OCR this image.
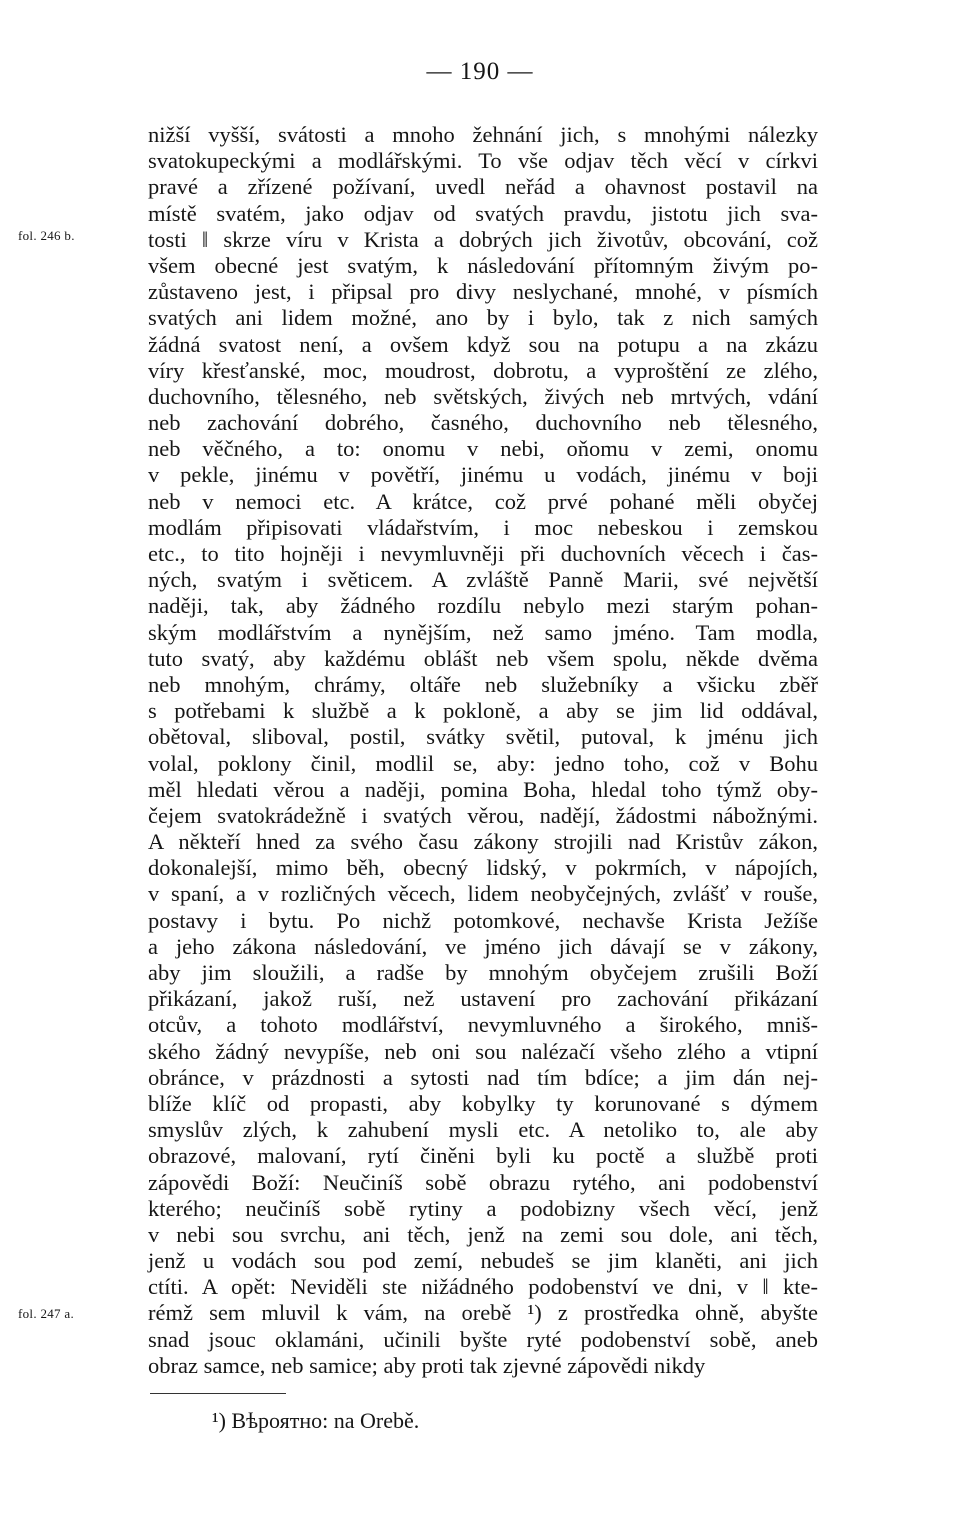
— 190 —
fol. 246 b.
fol. 247 a.
nižší vyšší, svátosti a mnoho žehnání jich, s mnohými nálezky
svatokupeckými a modlářskými. To vše odjav těch věcí v církvi
pravé a zřízené požívaní, uvedl neřád a ohavnost postavil na
místě svatém, jako odjav od svatých pravdu, jistotu jich sva-
tosti ‖ skrze víru v Krista a dobrých jich životův, obcování, což
všem obecné jest svatým, k následování přítomným živým po-
zůstaveno jest, i připsal pro divy neslychané, mnohé, v písmích
svatých ani lidem možné, ano by i bylo, tak z nich samých
žádná svatost není, a ovšem když sou na potupu a na zkázu
víry křesťanské, moc, moudrost, dobrotu, a vyproštění ze zlého,
duchovního, tělesného, neb světských, živých neb mrtvých, vdání
neb zachování dobrého, časného, duchovního neb tělesného,
neb věčného, a to: onomu v nebi, oňomu v zemi, onomu
v pekle, jinému v povětří, jinému u vodách, jinému v boji
neb v nemoci etc. A krátce, což prvé pohané měli obyčej
modlám připisovati vládařstvím, i moc nebeskou i zemskou
etc., to tito hojněji i nevymluvněji při duchovních věcech i čas-
ných, svatým i světicem. A zvláště Panně Marii, své největší
naději, tak, aby žádného rozdílu nebylo mezi starým pohan-
ským modlářstvím a nynějším, než samo jméno. Tam modla,
tuto svatý, aby každému oblášt neb všem spolu, někde dvěma
neb mnohým, chrámy, oltáře neb služebníky a všicku zběř
s potřebami k službě a k pokloně, a aby se jim lid oddával,
obětoval, sliboval, postil, svátky světil, putoval, k jménu jich
volal, poklony činil, modlil se, aby: jedno toho, což v Bohu
měl hledati věrou a naději, pomina Boha, hledal toho týmž oby-
čejem svatokrádežně i svatých věrou, nadějí, žádostmi nábožnými.
A někteří hned za svého času zákony strojili nad Kristův zákon,
dokonalejší, mimo běh, obecný lidský, v pokrmích, v nápojích,
v spaní, a v rozličných věcech, lidem neobyčejných, zvlášť v rouše,
postavy i bytu. Po nichž potomkové, nechavše Krista Ježíše
a jeho zákona následování, ve jméno jich dávají se v zákony,
aby jim sloužili, a radše by mnohým obyčejem zrušili Boží
přikázaní, jakož ruší, než ustavení pro zachování přikázaní
otcův, a tohoto modlářství, nevymluvného a širokého, mniš-
ského žádný nevypíše, neb oni sou nalézačí všeho zlého a vtipní
obránce, v prázdnosti a sytosti nad tím bdíce; a jim dán nej-
blíže klíč od propasti, aby kobylky ty korunované s dýmem
smyslův zlých, k zahubení mysli etc. A netoliko to, ale aby
obrazové, malovaní, rytí činěni byli ku poctě a službě proti
zápovědi Boží: Neučiníš sobě obrazu rytého, ani podobenství
kterého; neučiníš sobě rytiny a podobizny všech věcí, jenž
v nebi sou svrchu, ani těch, jenž na zemi sou dole, ani těch,
jenž u vodách sou pod zemí, nebudeš se jim klaněti, ani jich
ctíti. A opět: Neviděli ste nižádného podobenství ve dni, v ‖ kte-
rémž sem mluvil k vám, na orebě ¹) z prostředka ohně, abyšte
snad jsouc oklamáni, učinili byšte ryté podobenství sobě, aneb
obraz samce, neb samice; aby proti tak zjevné zápovědi nikdy
¹) Вѣроятно: na Orebě.
